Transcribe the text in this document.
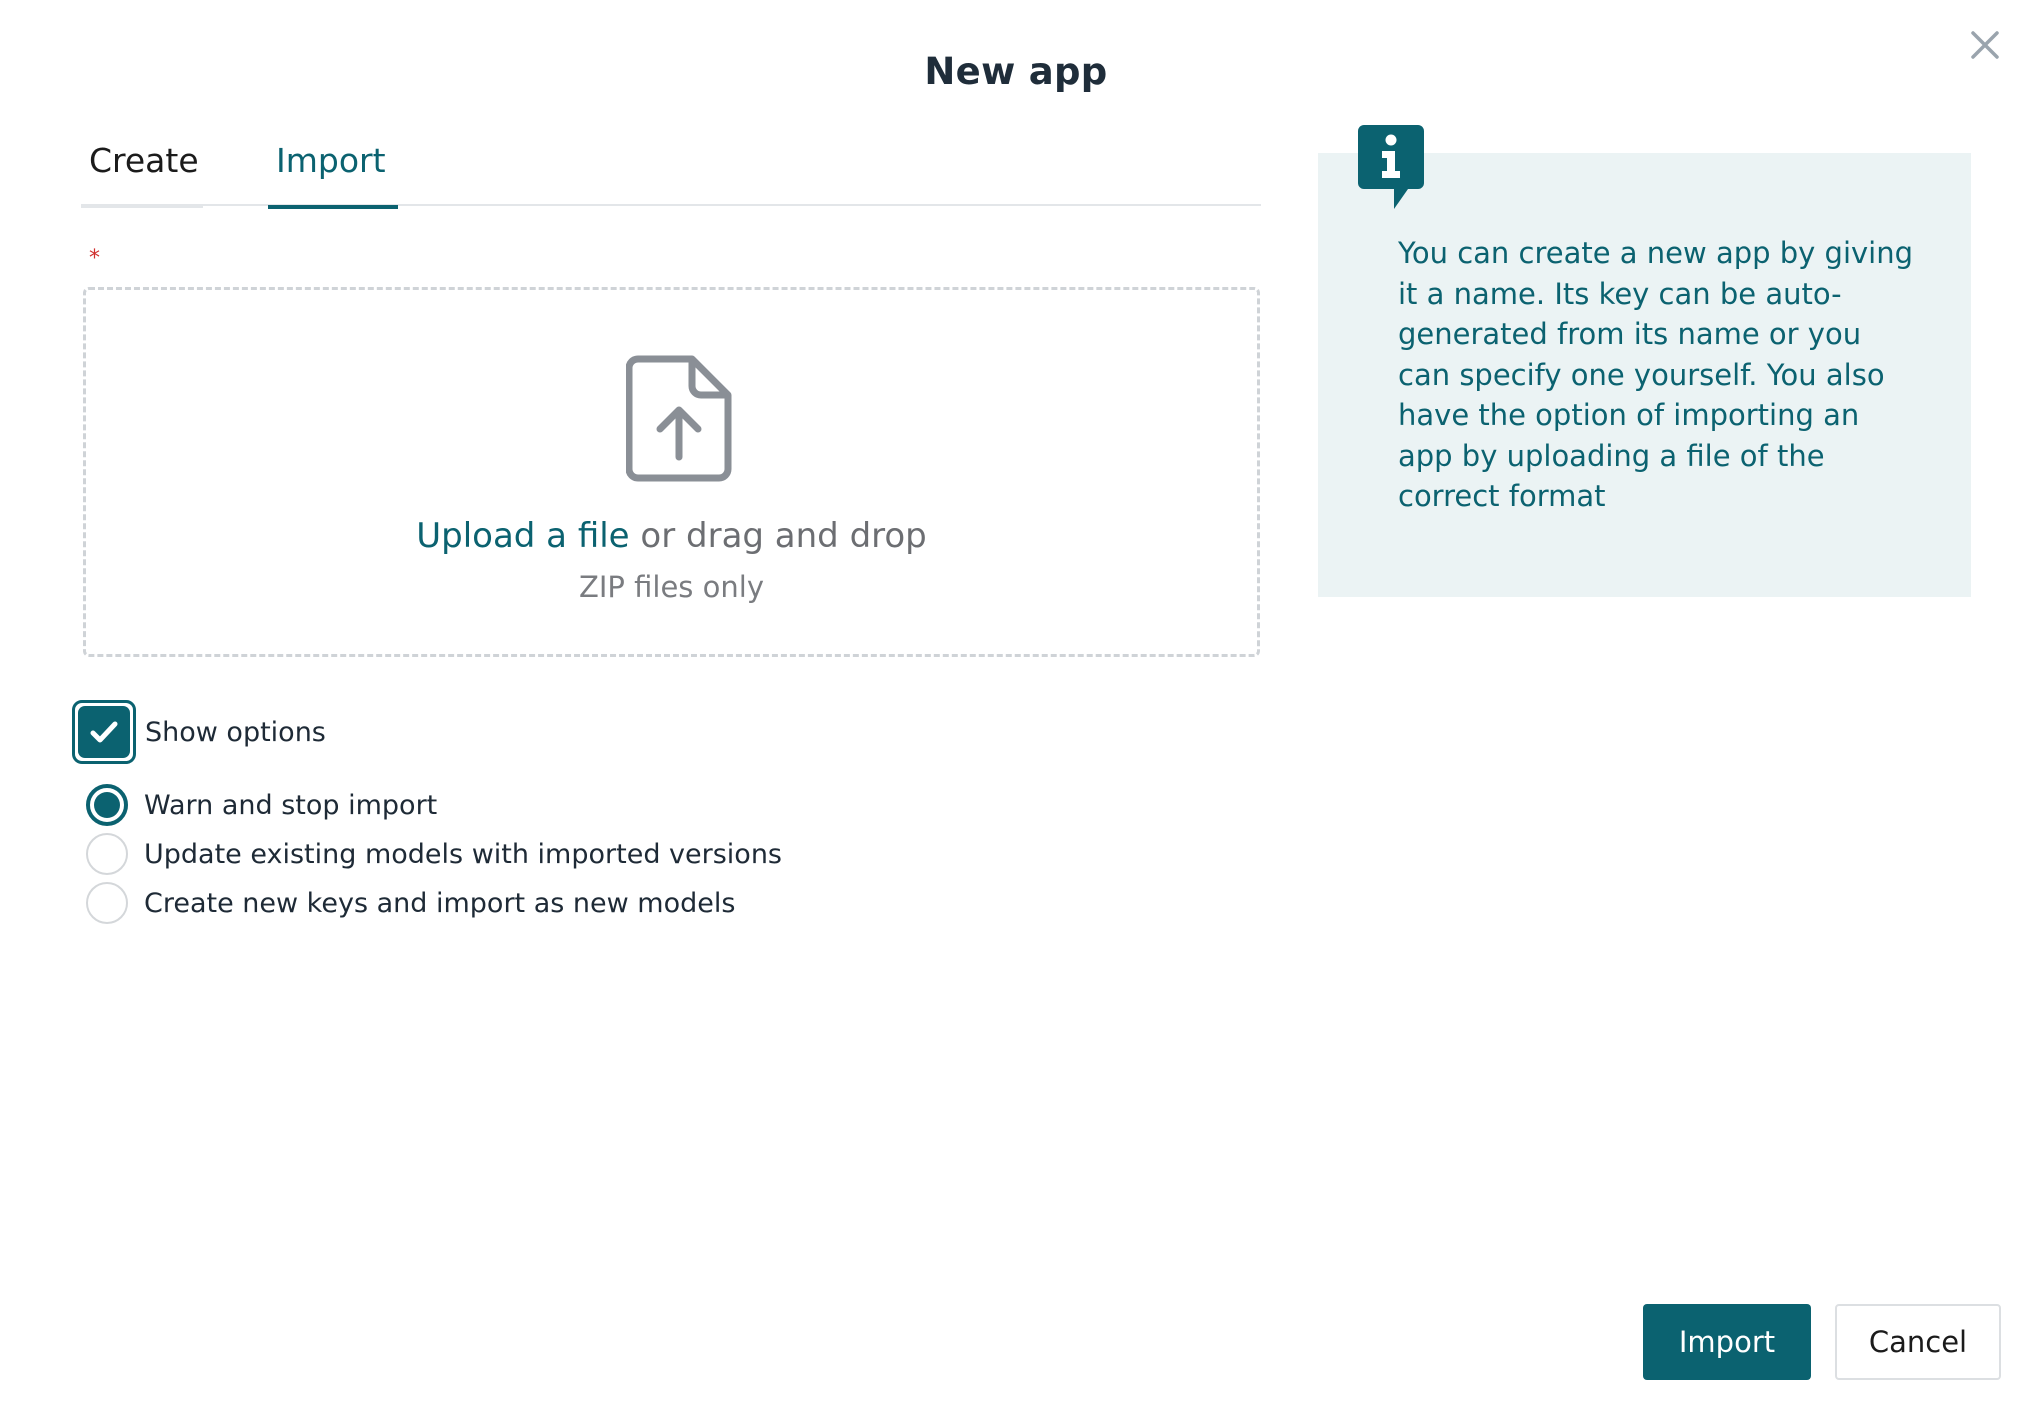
New app
Create Import
*
Upload a file or drag and drop
ZIP files only
Show options
Warn and stop import
Update existing models with imported versions
Create new keys and import as new models
You can create a new app by giving it a name. Its key can be auto-generated from its name or you can specify one yourself. You also have the option of importing an app by uploading a file of the correct format
Import	Cancel
